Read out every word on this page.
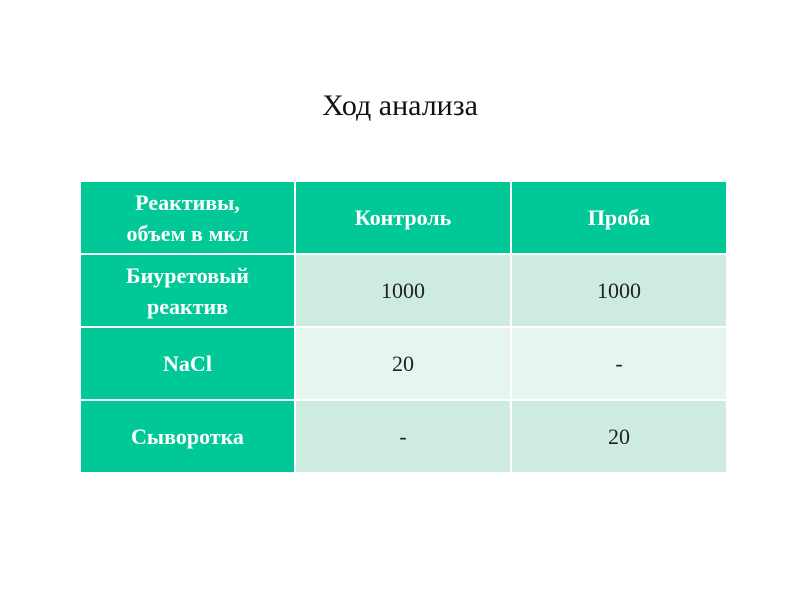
Ход анализа
Реактивы,
объем в мкл	Контроль	Проба
Биуретовый
реактив	1000	1000
NaCl	20	-
Сыворотка	-	20
